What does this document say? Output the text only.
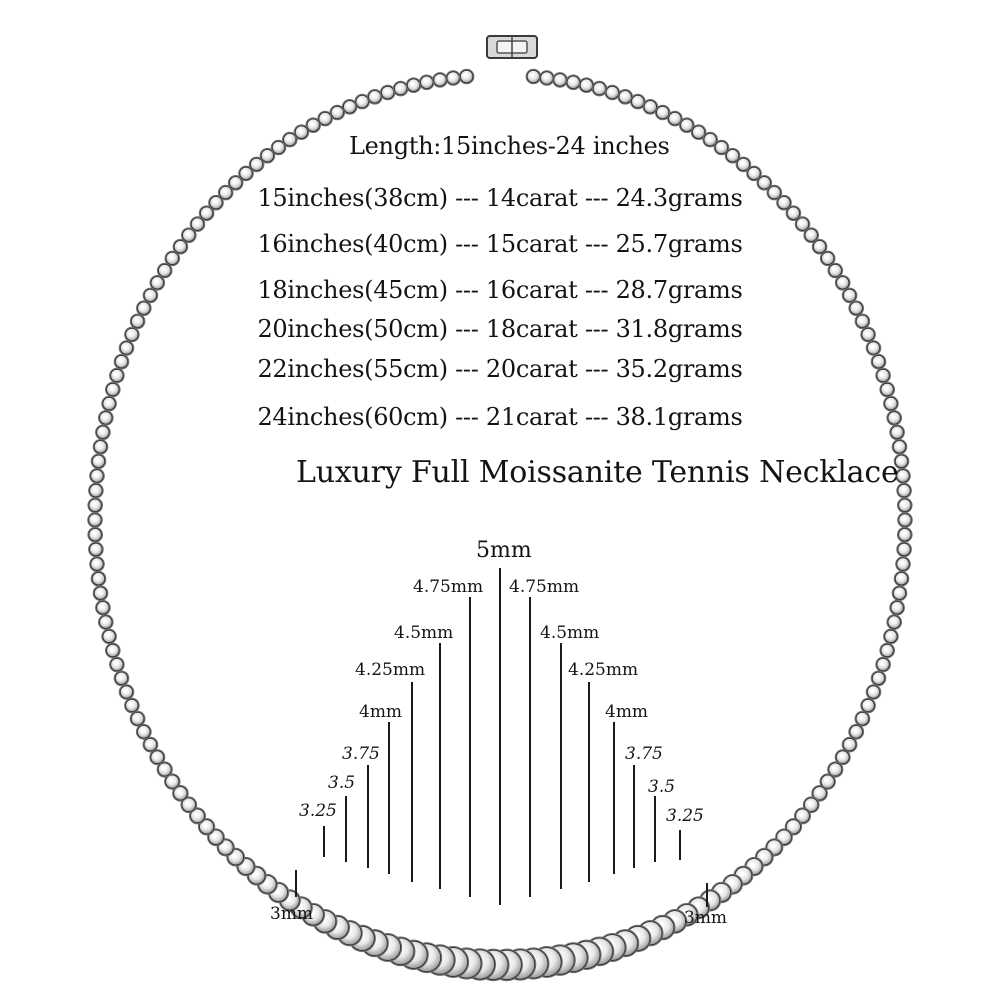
Length:15inches-24 inches
15inches(38cm) --- 14carat --- 24.3grams
16inches(40cm) --- 15carat --- 25.7grams
18inches(45cm) --- 16carat --- 28.7grams
20inches(50cm) --- 18carat --- 31.8grams
22inches(55cm) --- 20carat --- 35.2grams
24inches(60cm) --- 21carat --- 38.1grams
Luxury Full Moissanite Tennis Necklace
5mm
4.75mm
4.5mm
4.25mm
4mm
3.75
3.5
3.25
3mm
4.75mm
4.5mm
4.25mm
4mm
3.75
3.5
3.25
3mm
